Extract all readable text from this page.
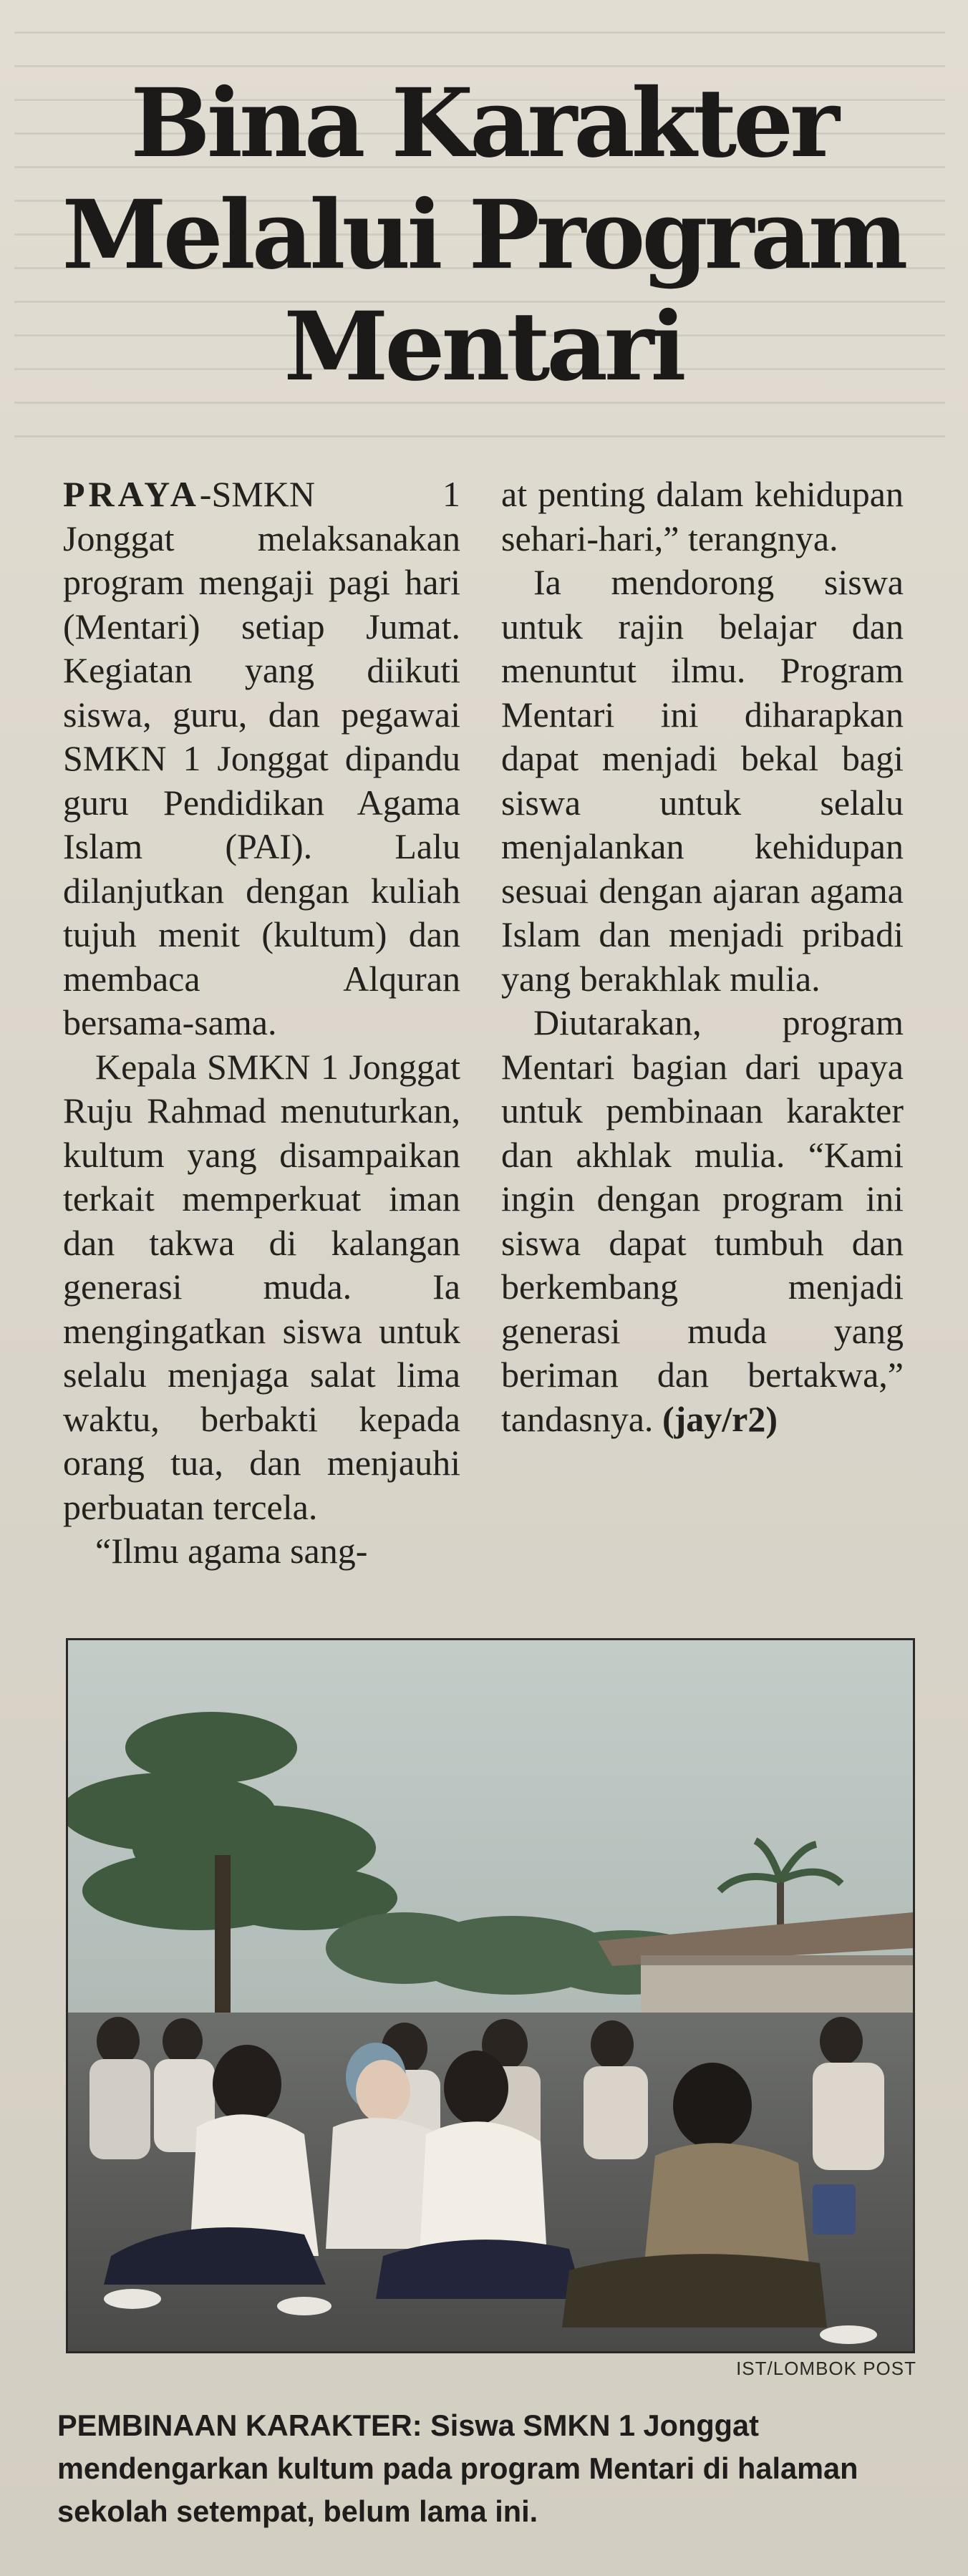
Bina Karakter
Melalui Program
Mentari

PRAYA-SMKN 1 Jonggat melaksanakan program mengaji pagi hari (Mentari) setiap Jumat. Kegiatan yang diikuti siswa, guru, dan pegawai SMKN 1 Jonggat dipandu guru Pendidikan Agama Islam (PAI). Lalu dilanjutkan dengan kuliah tujuh menit (kultum) dan membaca Alquran bersama-sama.

Kepala SMKN 1 Jonggat Ruju Rahmad menuturkan, kultum yang disampaikan terkait memperkuat iman dan takwa di kalangan generasi muda. Ia mengingatkan siswa untuk selalu menjaga salat lima waktu, berbakti kepada orang tua, dan menjauhi perbuatan tercela.

“Ilmu agama sang-

at penting dalam kehidupan sehari-hari,” terangnya.

Ia mendorong siswa untuk rajin belajar dan menuntut ilmu. Program Mentari ini diharapkan dapat menjadi bekal bagi siswa untuk selalu menjalankan kehidupan sesuai dengan ajaran agama Islam dan menjadi pribadi yang berakhlak mulia.

Diutarakan, program Mentari bagian dari upaya untuk pembinaan karakter dan akhlak mulia. “Kami ingin dengan program ini siswa dapat tumbuh dan berkembang menjadi generasi muda yang beriman dan bertakwa,” tandasnya. (jay/r2)

IST/LOMBOK POST
PEMBINAAN KARAKTER: Siswa SMKN 1 Jonggat mendengarkan kultum pada program Mentari di halaman sekolah setempat, belum lama ini.
